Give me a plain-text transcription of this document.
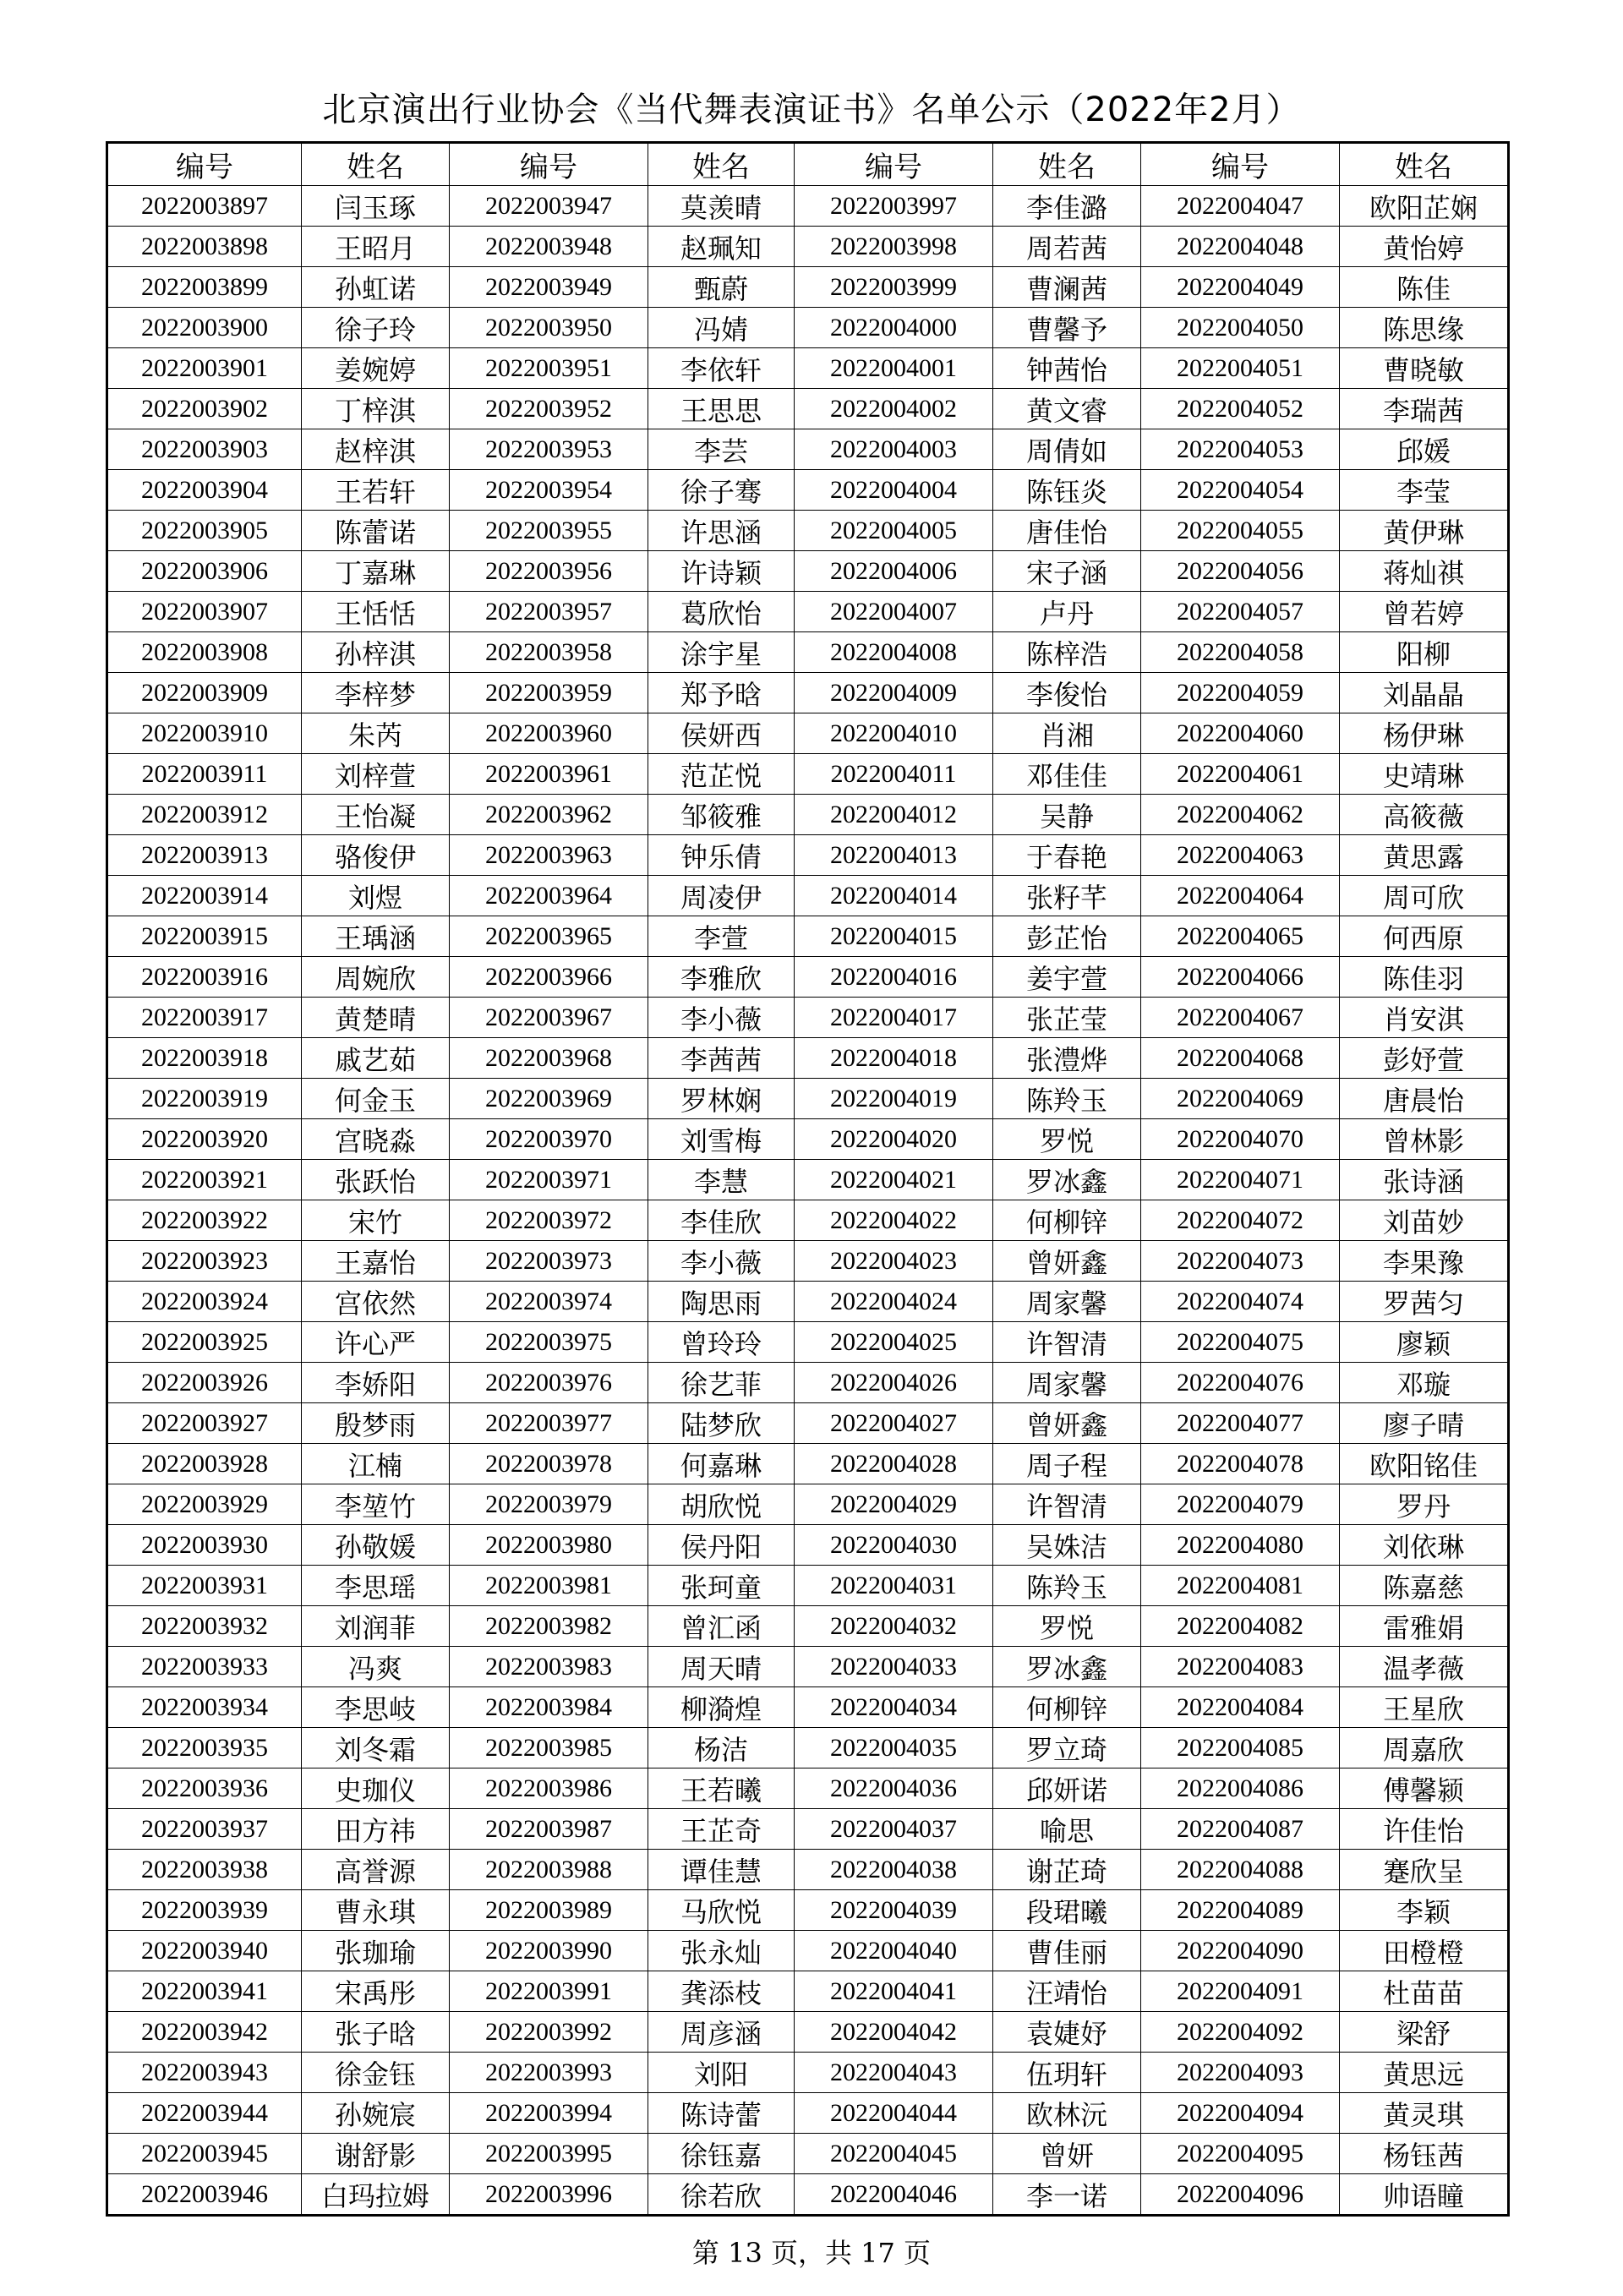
北京演出行业协会《当代舞表演证书》名单公示（2022年2月）
编号	姓名	编号	姓名	编号	姓名	编号	姓名
2022003897	闫玉琢	2022003947	莫羡晴	2022003997	李佳潞	2022004047	欧阳芷娴
2022003898	王昭月	2022003948	赵珮知	2022003998	周若茜	2022004048	黄怡婷
2022003899	孙虹诺	2022003949	甄蔚	2022003999	曹澜茜	2022004049	陈佳
2022003900	徐子玲	2022003950	冯婧	2022004000	曹馨予	2022004050	陈思缘
2022003901	姜婉婷	2022003951	李依轩	2022004001	钟茜怡	2022004051	曹晓敏
2022003902	丁梓淇	2022003952	王思思	2022004002	黄文睿	2022004052	李瑞茜
2022003903	赵梓淇	2022003953	李芸	2022004003	周倩如	2022004053	邱媛
2022003904	王若轩	2022003954	徐子骞	2022004004	陈钰炎	2022004054	李莹
2022003905	陈蕾诺	2022003955	许思涵	2022004005	唐佳怡	2022004055	黄伊琳
2022003906	丁嘉琳	2022003956	许诗颖	2022004006	宋子涵	2022004056	蒋灿祺
2022003907	王恬恬	2022003957	葛欣怡	2022004007	卢丹	2022004057	曾若婷
2022003908	孙梓淇	2022003958	涂宇星	2022004008	陈梓浩	2022004058	阳柳
2022003909	李梓梦	2022003959	郑予晗	2022004009	李俊怡	2022004059	刘晶晶
2022003910	朱芮	2022003960	侯妍西	2022004010	肖湘	2022004060	杨伊琳
2022003911	刘梓萱	2022003961	范芷悦	2022004011	邓佳佳	2022004061	史靖琳
2022003912	王怡凝	2022003962	邹筱雅	2022004012	吴静	2022004062	高筱薇
2022003913	骆俊伊	2022003963	钟乐倩	2022004013	于春艳	2022004063	黄思露
2022003914	刘煜	2022003964	周凌伊	2022004014	张籽芊	2022004064	周可欣
2022003915	王瑀涵	2022003965	李萱	2022004015	彭芷怡	2022004065	何西原
2022003916	周婉欣	2022003966	李雅欣	2022004016	姜宇萱	2022004066	陈佳羽
2022003917	黄楚晴	2022003967	李小薇	2022004017	张芷莹	2022004067	肖安淇
2022003918	戚艺茹	2022003968	李茜茜	2022004018	张澧烨	2022004068	彭妤萱
2022003919	何金玉	2022003969	罗林娴	2022004019	陈羚玉	2022004069	唐晨怡
2022003920	宫晓淼	2022003970	刘雪梅	2022004020	罗悦	2022004070	曾林影
2022003921	张跃怡	2022003971	李慧	2022004021	罗冰鑫	2022004071	张诗涵
2022003922	宋竹	2022003972	李佳欣	2022004022	何柳锌	2022004072	刘苗妙
2022003923	王嘉怡	2022003973	李小薇	2022004023	曾妍鑫	2022004073	李果豫
2022003924	宫依然	2022003974	陶思雨	2022004024	周家馨	2022004074	罗茜匀
2022003925	许心严	2022003975	曾玲玲	2022004025	许智清	2022004075	廖颖
2022003926	李娇阳	2022003976	徐艺菲	2022004026	周家馨	2022004076	邓璇
2022003927	殷梦雨	2022003977	陆梦欣	2022004027	曾妍鑫	2022004077	廖子晴
2022003928	江楠	2022003978	何嘉琳	2022004028	周子程	2022004078	欧阳铭佳
2022003929	李堃竹	2022003979	胡欣悦	2022004029	许智清	2022004079	罗丹
2022003930	孙敬媛	2022003980	侯丹阳	2022004030	吴姝洁	2022004080	刘依琳
2022003931	李思瑶	2022003981	张珂童	2022004031	陈羚玉	2022004081	陈嘉慈
2022003932	刘润菲	2022003982	曾汇函	2022004032	罗悦	2022004082	雷雅娟
2022003933	冯爽	2022003983	周天晴	2022004033	罗冰鑫	2022004083	温孝薇
2022003934	李思岐	2022003984	柳漪煌	2022004034	何柳锌	2022004084	王星欣
2022003935	刘冬霜	2022003985	杨洁	2022004035	罗立琦	2022004085	周嘉欣
2022003936	史珈仪	2022003986	王若曦	2022004036	邱妍诺	2022004086	傅馨颍
2022003937	田方祎	2022003987	王芷奇	2022004037	喻思	2022004087	许佳怡
2022003938	高誉源	2022003988	谭佳慧	2022004038	谢芷琦	2022004088	蹇欣呈
2022003939	曹永琪	2022003989	马欣悦	2022004039	段珺曦	2022004089	李颖
2022003940	张珈瑜	2022003990	张永灿	2022004040	曹佳丽	2022004090	田橙橙
2022003941	宋禹彤	2022003991	龚添枝	2022004041	汪靖怡	2022004091	杜苗苗
2022003942	张子晗	2022003992	周彦涵	2022004042	袁婕妤	2022004092	梁舒
2022003943	徐金钰	2022003993	刘阳	2022004043	伍玥轩	2022004093	黄思远
2022003944	孙婉宸	2022003994	陈诗蕾	2022004044	欧林沅	2022004094	黄灵琪
2022003945	谢舒影	2022003995	徐钰嘉	2022004045	曾妍	2022004095	杨钰茜
2022003946	白玛拉姆	2022003996	徐若欣	2022004046	李一诺	2022004096	帅语瞳
第 13 页，共 17 页
